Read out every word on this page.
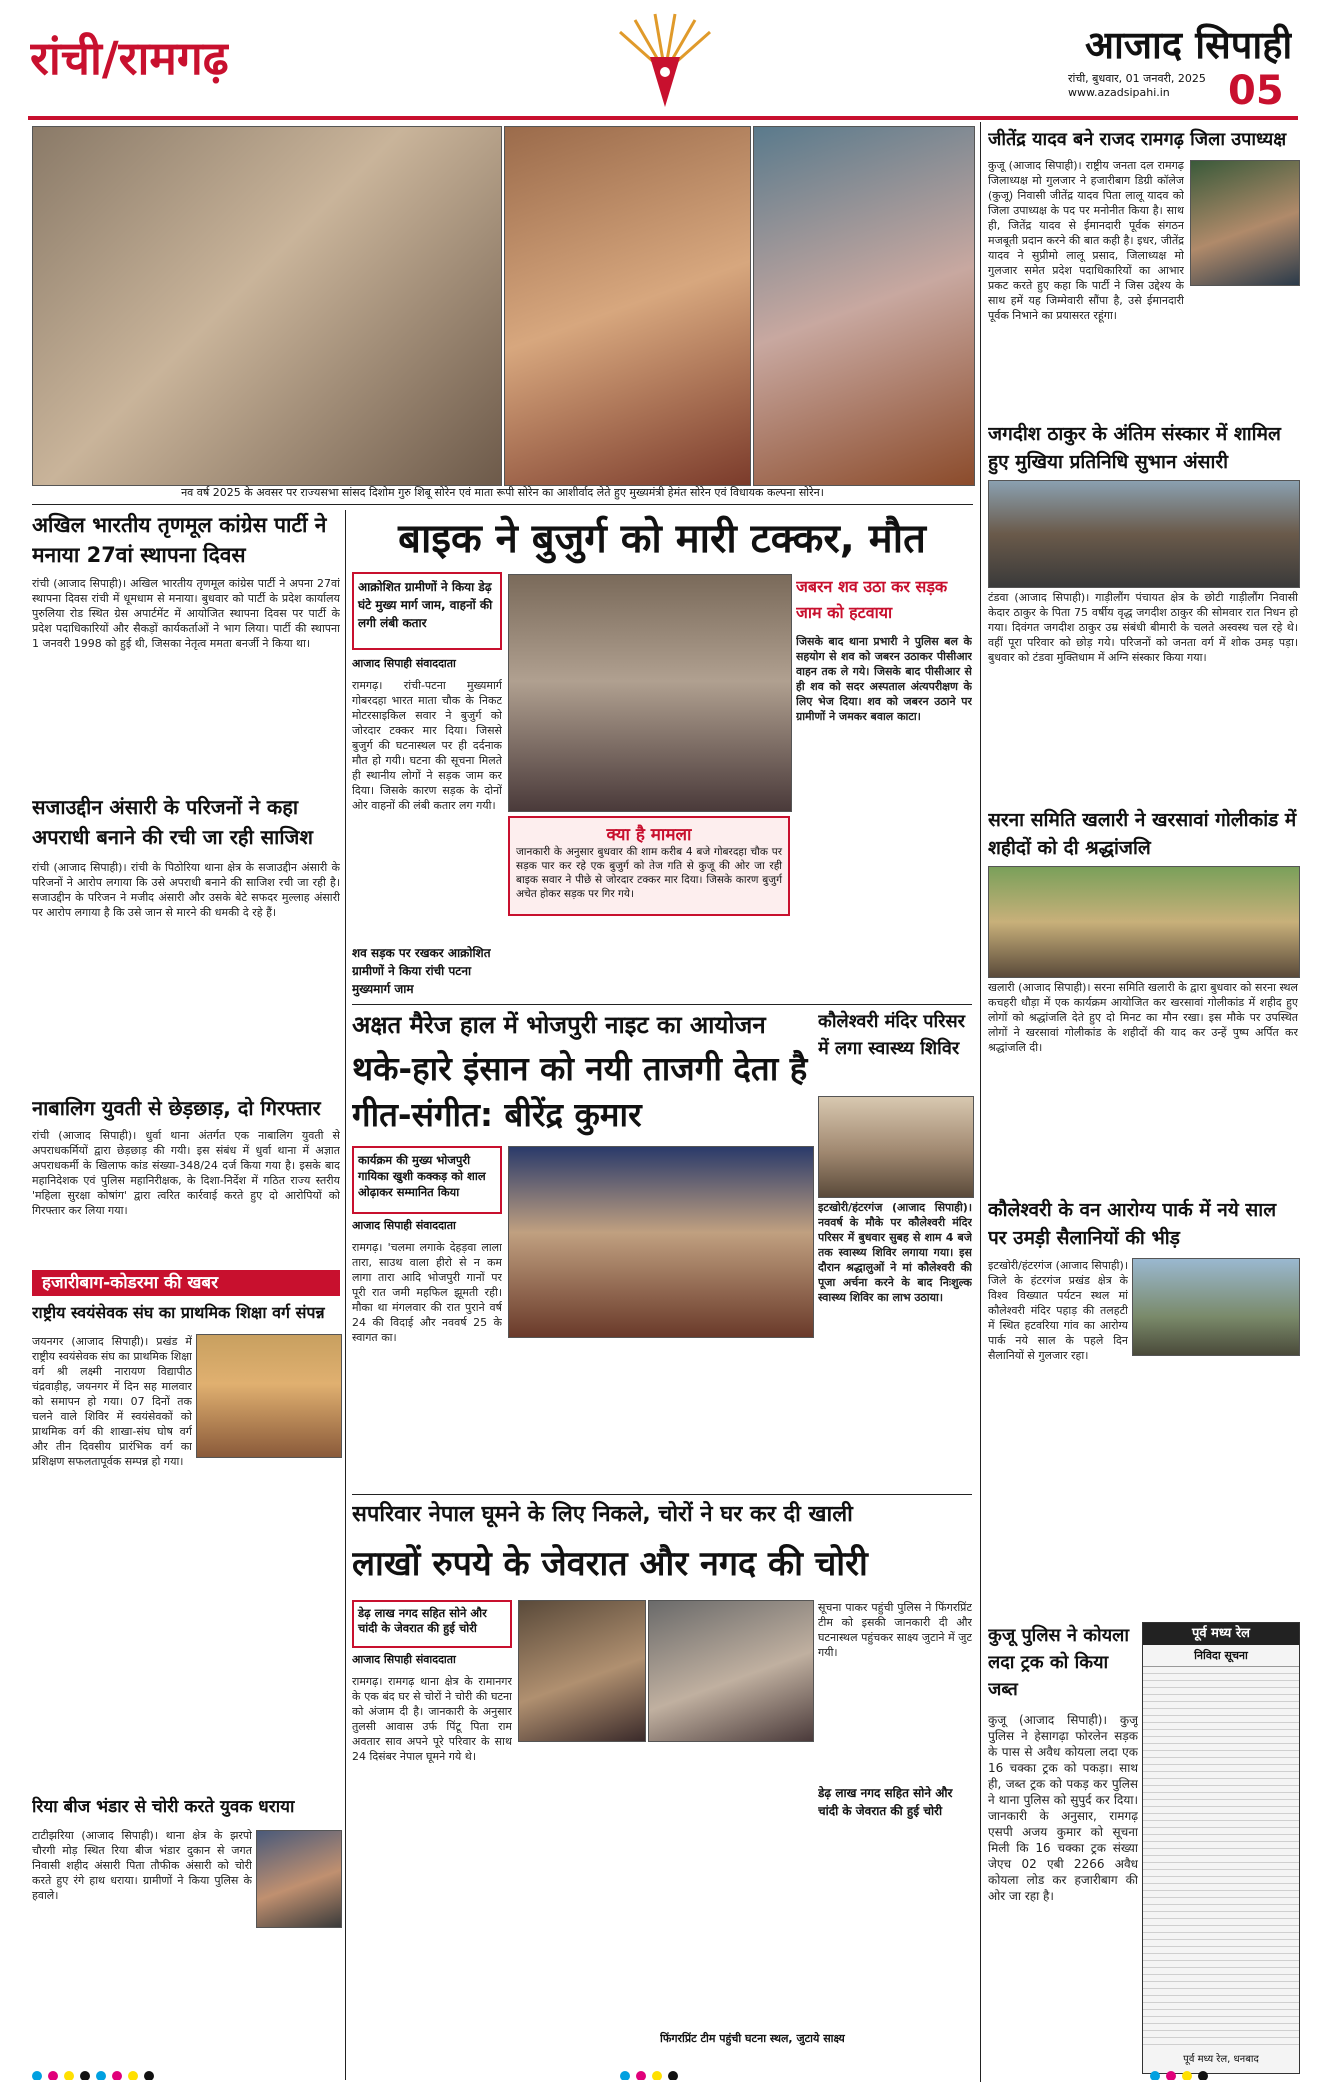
रांची/रामगढ़	आजाद सिपाही
रांची, बुधवार, 01 जनवरी, 2025
www.azadsipahi.in	05
नव वर्ष 2025 के अवसर पर राज्यसभा सांसद दिशोम गुरु शिबू सोरेन एवं माता रूपी सोरेन का आशीर्वाद लेते हुए मुख्यमंत्री हेमंत सोरेन एवं विधायक कल्पना सोरेन।
जीतेंद्र यादव बने राजद रामगढ़ जिला उपाध्यक्ष
कुजू (आजाद सिपाही)। राष्ट्रीय जनता दल रामगढ़ जिलाध्यक्ष मो गुलजार ने हजारीबाग डिग्री कॉलेज (कुजू) निवासी जीतेंद्र यादव पिता लालू यादव को जिला उपाध्यक्ष के पद पर मनोनीत किया है। साथ ही, जितेंद्र यादव से ईमानदारी पूर्वक संगठन मजबूती प्रदान करने की बात कही है। इधर, जीतेंद्र यादव ने सुप्रीमो लालू प्रसाद, जिलाध्यक्ष मो गुलजार समेत प्रदेश पदाधिकारियों का आभार प्रकट करते हुए कहा कि पार्टी ने जिस उद्देश्य के साथ हमें यह जिम्मेवारी सौंपा है, उसे ईमानदारी पूर्वक निभाने का प्रयासरत रहूंगा।
जगदीश ठाकुर के अंतिम संस्कार में शामिल हुए मुखिया प्रतिनिधि सुभान अंसारी
टंडवा (आजाद सिपाही)। गाड़ीलौंग पंचायत क्षेत्र के छोटी गाड़ीलौंग निवासी केदार ठाकुर के पिता 75 वर्षीय वृद्ध जगदीश ठाकुर की सोमवार रात निधन हो गया। दिवंगत जगदीश ठाकुर उम्र संबंधी बीमारी के चलते अस्वस्थ चल रहे थे। वहीं पूरा परिवार को छोड़ गये। परिजनों को जनता वर्ग में शोक उमड़ पड़ा। बुधवार को टंडवा मुक्तिधाम में अग्नि संस्कार किया गया।
सरना समिति खलारी ने खरसावां गोलीकांड में शहीदों को दी श्रद्धांजलि
खलारी (आजाद सिपाही)। सरना समिति खलारी के द्वारा बुधवार को सरना स्थल कचहरी धौड़ा में एक कार्यक्रम आयोजित कर खरसावां गोलीकांड में शहीद हुए लोगों को श्रद्धांजलि देते हुए दो मिनट का मौन रखा। इस मौके पर उपस्थित लोगों ने खरसावां गोलीकांड के शहीदों की याद कर उन्हें पुष्प अर्पित कर श्रद्धांजलि दी।
कौलेश्वरी के वन आरोग्य पार्क में नये साल पर उमड़ी सैलानियों की भीड़
इटखोरी/हंटरगंज (आजाद सिपाही)। जिले के हंटरगंज प्रखंड क्षेत्र के विश्व विख्यात पर्यटन स्थल मां कौलेश्वरी मंदिर पहाड़ की तलहटी में स्थित हटवरिया गांव का आरोग्य पार्क नये साल के पहले दिन सैलानियों से गुलजार रहा।
कुजू पुलिस ने कोयला लदा ट्रक को किया जब्त
कुजू (आजाद सिपाही)। कुजू पुलिस ने हेसागढ़ा फोरलेन सड़क के पास से अवैध कोयला लदा एक 16 चक्का ट्रक को पकड़ा। साथ ही, जब्त ट्रक को पकड़ कर पुलिस ने थाना पुलिस को सुपुर्द कर दिया। जानकारी के अनुसार, रामगढ़ एसपी अजय कुमार को सूचना मिली कि 16 चक्का ट्रक संख्या जेएच 02 एबी 2266 अवैध कोयला लोड कर हजारीबाग की ओर जा रहा है।
पूर्व मध्य रेल
निविदा सूचना
पूर्व मध्य रेल, धनबाद
अखिल भारतीय तृणमूल कांग्रेस पार्टी ने मनाया 27वां स्थापना दिवस
रांची (आजाद सिपाही)। अखिल भारतीय तृणमूल कांग्रेस पार्टी ने अपना 27वां स्थापना दिवस रांची में धूमधाम से मनाया। बुधवार को पार्टी के प्रदेश कार्यालय पुरुलिया रोड स्थित ग्रेस अपार्टमेंट में आयोजित स्थापना दिवस पर पार्टी के प्रदेश पदाधिकारियों और सैकड़ों कार्यकर्ताओं ने भाग लिया। पार्टी की स्थापना 1 जनवरी 1998 को हुई थी, जिसका नेतृत्व ममता बनर्जी ने किया था।
सजाउद्दीन अंसारी के परिजनों ने कहा अपराधी बनाने की रची जा रही साजिश
रांची (आजाद सिपाही)। रांची के पिठोरिया थाना क्षेत्र के सजाउद्दीन अंसारी के परिजनों ने आरोप लगाया कि उसे अपराधी बनाने की साजिश रची जा रही है। सजाउद्दीन के परिजन ने मजीद अंसारी और उसके बेटे सफदर मुल्लाह अंसारी पर आरोप लगाया है कि उसे जान से मारने की धमकी दे रहे हैं।
नाबालिग युवती से छेड़छाड़, दो गिरफ्तार
रांची (आजाद सिपाही)। धुर्वा थाना अंतर्गत एक नाबालिग युवती से अपराधकर्मियों द्वारा छेड़छाड़ की गयी। इस संबंध में धुर्वा थाना में अज्ञात अपराधकर्मी के खिलाफ कांड संख्या-348/24 दर्ज किया गया है। इसके बाद महानिदेशक एवं पुलिस महानिरीक्षक, के दिशा-निर्देश में गठित राज्य स्तरीय 'महिला सुरक्षा कोषांग' द्वारा त्वरित कार्रवाई करते हुए दो आरोपियों को गिरफ्तार कर लिया गया।
हजारीबाग-कोडरमा की खबर
राष्ट्रीय स्वयंसेवक संघ का प्राथमिक शिक्षा वर्ग संपन्न
जयनगर (आजाद सिपाही)। प्रखंड में राष्ट्रीय स्वयंसेवक संघ का प्राथमिक शिक्षा वर्ग श्री लक्ष्मी नारायण विद्यापीठ चंद्रवाड़ीह, जयनगर में दिन सह मालवार को समापन हो गया। 07 दिनों तक चलने वाले शिविर में स्वयंसेवकों को प्राथमिक वर्ग की शाखा-संघ घोष वर्ग और तीन दिवसीय प्रारंभिक वर्ग का प्रशिक्षण सफलतापूर्वक सम्पन्न हो गया।
रिया बीज भंडार से चोरी करते युवक धराया
टाटीझरिया (आजाद सिपाही)। थाना क्षेत्र के झरपो चौरगी मोड़ स्थित रिया बीज भंडार दुकान से जगत निवासी शहीद अंसारी पिता तौफीक अंसारी को चोरी करते हुए रंगे हाथ धराया। ग्रामीणों ने किया पुलिस के हवाले।
बाइक ने बुजुर्ग को मारी टक्कर, मौत
आक्रोशित ग्रामीणों ने किया डेढ़ घंटे मुख्य मार्ग जाम, वाहनों की लगी लंबी कतार
आजाद सिपाही संवाददाता
रामगढ़। रांची-पटना मुख्यमार्ग गोबरदहा भारत माता चौक के निकट मोटरसाइकिल सवार ने बुजुर्ग को जोरदार टक्कर मार दिया। जिससे बुजुर्ग की घटनास्थल पर ही दर्दनाक मौत हो गयी। घटना की सूचना मिलते ही स्थानीय लोगों ने सड़क जाम कर दिया। जिसके कारण सड़क के दोनों ओर वाहनों की लंबी कतार लग गयी।
क्या है मामला
जानकारी के अनुसार बुधवार की शाम करीब 4 बजे गोबरदहा चौक पर सड़क पार कर रहे एक बुजुर्ग को तेज गति से कुजू की ओर जा रही बाइक सवार ने पीछे से जोरदार टक्कर मार दिया। जिसके कारण बुजुर्ग अचेत होकर सड़क पर गिर गये।
जबरन शव उठा कर सड़क जाम को हटवाया
जिसके बाद थाना प्रभारी ने पुलिस बल के सहयोग से शव को जबरन उठाकर पीसीआर वाहन तक ले गये। जिसके बाद पीसीआर से ही शव को सदर अस्पताल अंत्यपरीक्षण के लिए भेज दिया। शव को जबरन उठाने पर ग्रामीणों ने जमकर बवाल काटा।
शव सड़क पर रखकर आक्रोशित ग्रामीणों ने किया रांची पटना मुख्यमार्ग जाम
अक्षत मैरेज हाल में भोजपुरी नाइट का आयोजन
थके-हारे इंसान को नयी ताजगी देता है गीत-संगीत: बीरेंद्र कुमार
कार्यक्रम की मुख्य भोजपुरी गायिका खुशी कक्कड़ को शाल ओढ़ाकर सम्मानित किया
आजाद सिपाही संवाददाता
रामगढ़। 'चलमा लगाके देहड़वा लाला तारा, साउथ वाला हीरो से न कम लागा तारा आदि भोजपुरी गानों पर पूरी रात जमी महफिल झूमती रही। मौका था मंगलवार की रात पुराने वर्ष 24 की विदाई और नववर्ष 25 के स्वागत का।
कौलेश्वरी मंदिर परिसर में लगा स्वास्थ्य शिविर
इटखोरी/हंटरगंज (आजाद सिपाही)। नववर्ष के मौके पर कौलेश्वरी मंदिर परिसर में बुधवार सुबह से शाम 4 बजे तक स्वास्थ्य शिविर लगाया गया। इस दौरान श्रद्धालुओं ने मां कौलेश्वरी की पूजा अर्चना करने के बाद निःशुल्क स्वास्थ्य शिविर का लाभ उठाया।
सपरिवार नेपाल घूमने के लिए निकले, चोरों ने घर कर दी खाली
लाखों रुपये के जेवरात और नगद की चोरी
डेढ़ लाख नगद सहित सोने और चांदी के जेवरात की हुई चोरी
आजाद सिपाही संवाददाता
रामगढ़। रामगढ़ थाना क्षेत्र के रामानगर के एक बंद घर से चोरों ने चोरी की घटना को अंजाम दी है। जानकारी के अनुसार तुलसी आवास उर्फ पिंटू पिता राम अवतार साव अपने पूरे परिवार के साथ 24 दिसंबर नेपाल घूमने गये थे।
सूचना पाकर पहुंची पुलिस ने फिंगरप्रिंट टीम को इसकी जानकारी दी और घटनास्थल पहुंचकर साक्ष्य जुटाने में जुट गयी।
डेढ़ लाख नगद सहित सोने और चांदी के जेवरात की हुई चोरी
फिंगरप्रिंट टीम पहुंची घटना स्थल, जुटाये साक्ष्य
